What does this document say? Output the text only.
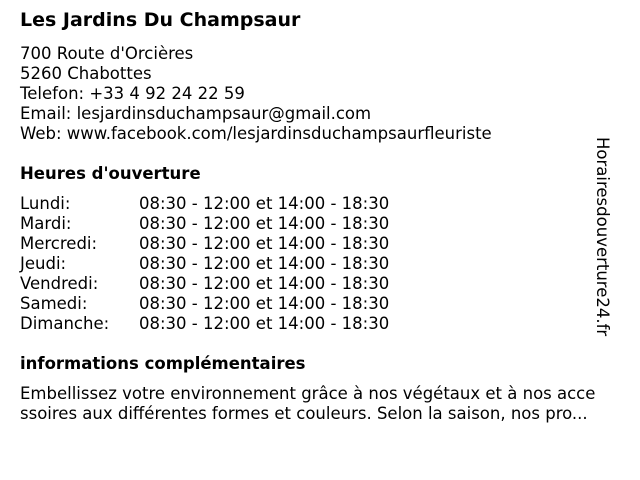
Les Jardins Du Champsaur
700 Route d'Orcières
5260 Chabottes
Telefon: +33 4 92 24 22 59
Email: lesjardinsduchampsaur@gmail.com
Web: www.facebook.com/lesjardinsduchampsaurfleuriste
Heures d'ouverture
Lundi:	08:30 - 12:00 et 14:00 - 18:30
Mardi:	08:30 - 12:00 et 14:00 - 18:30
Mercredi:	08:30 - 12:00 et 14:00 - 18:30
Jeudi:	08:30 - 12:00 et 14:00 - 18:30
Vendredi: 08:30 - 12:00 et 14:00 - 18:30
Samedi:	08:30 - 12:00 et 14:00 - 18:30
Dimanche: 08:30 - 12:00 et 14:00 - 18:30
informations complémentaires
Embellissez votre environnement grâce à nos végétaux et à nos acce
ssoires aux différentes formes et couleurs. Selon la saison, nos pro...
Horairesdouverture24.fr
